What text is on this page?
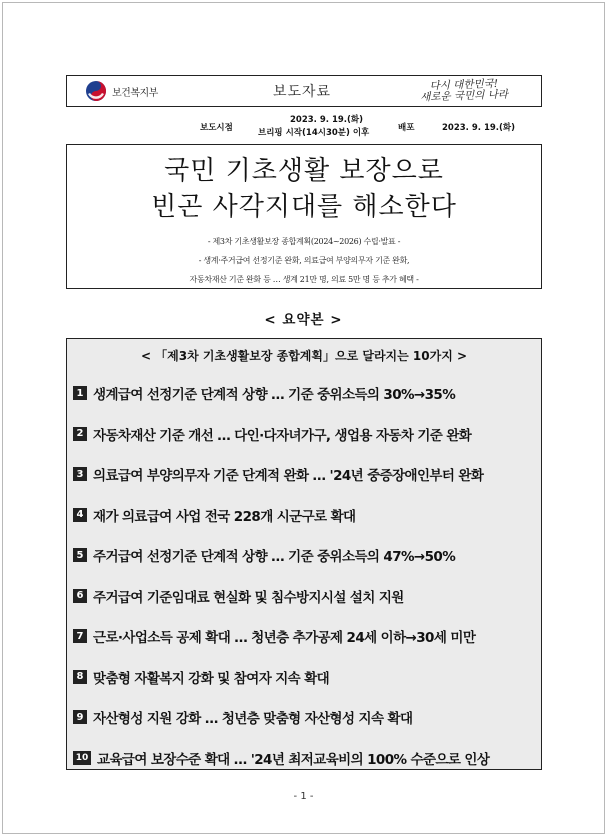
보건복지부	보도자료	다시 대한민국!
새로운 국민의 나라
보도시점
2023. 9. 19.(화)
브리핑 시작(14시30분) 이후	배포	2023. 9. 19.(화)
국민 기초생활 보장으로
빈곤 사각지대를 해소한다
- 제3차 기초생활보장 종합계획(2024~2026) 수립·발표 -
- 생계·주거급여 선정기준 완화, 의료급여 부양의무자 기준 완화,
자동차재산 기준 완화 등 … 생계 21만 명, 의료 5만 명 등 추가 혜택 -
< 요약본 >
< 「제3차 기초생활보장 종합계획」으로 달라지는 10가지 >
1 생계급여 선정기준 단계적 상향 … 기준 중위소득의 30%→35%
2 자동차재산 기준 개선 … 다인·다자녀가구, 생업용 자동차 기준 완화
3 의료급여 부양의무자 기준 단계적 완화 … '24년 중증장애인부터 완화
4 재가 의료급여 사업 전국 228개 시군구로 확대
5 주거급여 선정기준 단계적 상향 … 기준 중위소득의 47%→50%
6 주거급여 기준임대료 현실화 및 침수방지시설 설치 지원
7 근로·사업소득 공제 확대 … 청년층 추가공제 24세 이하→30세 미만
8 맞춤형 자활복지 강화 및 참여자 지속 확대
9 자산형성 지원 강화 … 청년층 맞춤형 자산형성 지속 확대
10 교육급여 보장수준 확대 … '24년 최저교육비의 100% 수준으로 인상
- 1 -
